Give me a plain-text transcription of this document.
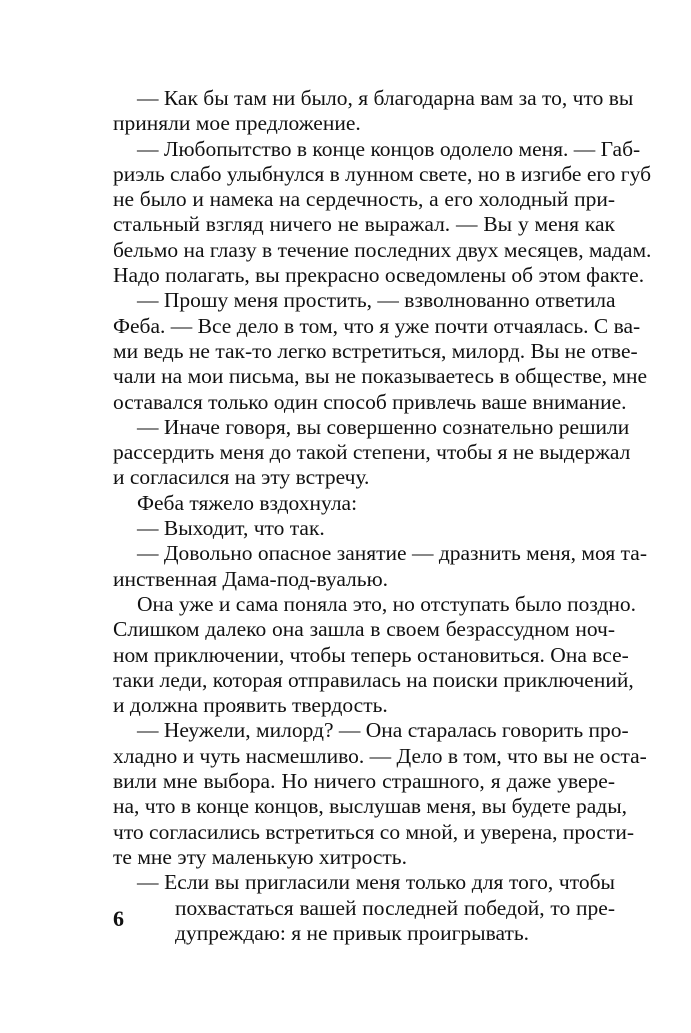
— Как бы там ни было, я благодарна вам за то, что вы
приняли мое предложение.
— Любопытство в конце концов одолело меня. — Габ-
риэль слабо улыбнулся в лунном свете, но в изгибе его губ
не было и намека на сердечность, а его холодный при-
стальный взгляд ничего не выражал. — Вы у меня как
бельмо на глазу в течение последних двух месяцев, мадам.
Надо полагать, вы прекрасно осведомлены об этом факте.
— Прошу меня простить, — взволнованно ответила
Феба. — Все дело в том, что я уже почти отчаялась. С ва-
ми ведь не так-то легко встретиться, милорд. Вы не отве-
чали на мои письма, вы не показываетесь в обществе, мне
оставался только один способ привлечь ваше внимание.
— Иначе говоря, вы совершенно сознательно решили
рассердить меня до такой степени, чтобы я не выдержал
и согласился на эту встречу.
Феба тяжело вздохнула:
— Выходит, что так.
— Довольно опасное занятие — дразнить меня, моя та-
инственная Дама-под-вуалью.
Она уже и сама поняла это, но отступать было поздно.
Слишком далеко она зашла в своем безрассудном ноч-
ном приключении, чтобы теперь остановиться. Она все-
таки леди, которая отправилась на поиски приключений,
и должна проявить твердость.
— Неужели, милорд? — Она старалась говорить про-
хладно и чуть насмешливо. — Дело в том, что вы не оста-
вили мне выбора. Но ничего страшного, я даже увере-
на, что в конце концов, выслушав меня, вы будете рады,
что согласились встретиться со мной, и уверена, прости-
те мне эту маленькую хитрость.
— Если вы пригласили меня только для того, чтобы
похвастаться вашей последней победой, то пре-
дупреждаю: я не привык проигрывать.
6
